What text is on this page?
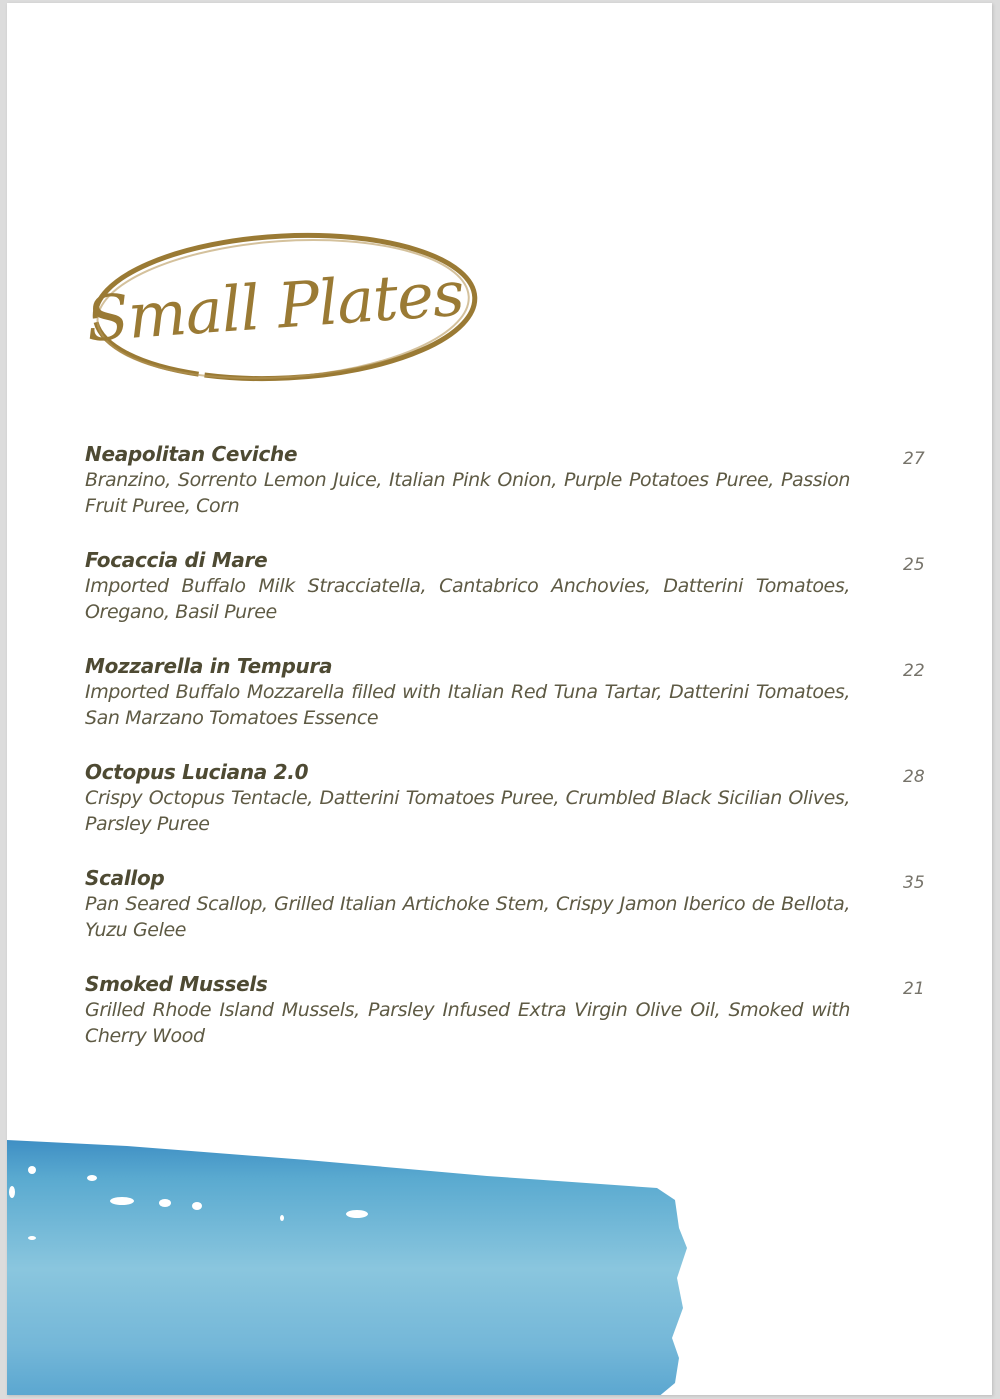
Small Plates
Neapolitan Ceviche
Branzino, Sorrento Lemon Juice, Italian Pink Onion, Purple Potatoes Puree, Passion Fruit Puree, Corn
27
Focaccia di Mare
Imported Buffalo Milk Stracciatella, Cantabrico Anchovies, Datterini Tomatoes, Oregano, Basil Puree
25
Mozzarella in Tempura
Imported Buffalo Mozzarella filled with Italian Red Tuna Tartar, Datterini Tomatoes, San Marzano Tomatoes Essence
22
Octopus Luciana 2.0
Crispy Octopus Tentacle, Datterini Tomatoes Puree, Crumbled Black Sicilian Olives, Parsley Puree
28
Scallop
Pan Seared Scallop, Grilled Italian Artichoke Stem, Crispy Jamon Iberico de Bellota, Yuzu Gelee
35
Smoked Mussels
Grilled Rhode Island Mussels, Parsley Infused Extra Virgin Olive Oil, Smoked with Cherry Wood
21
